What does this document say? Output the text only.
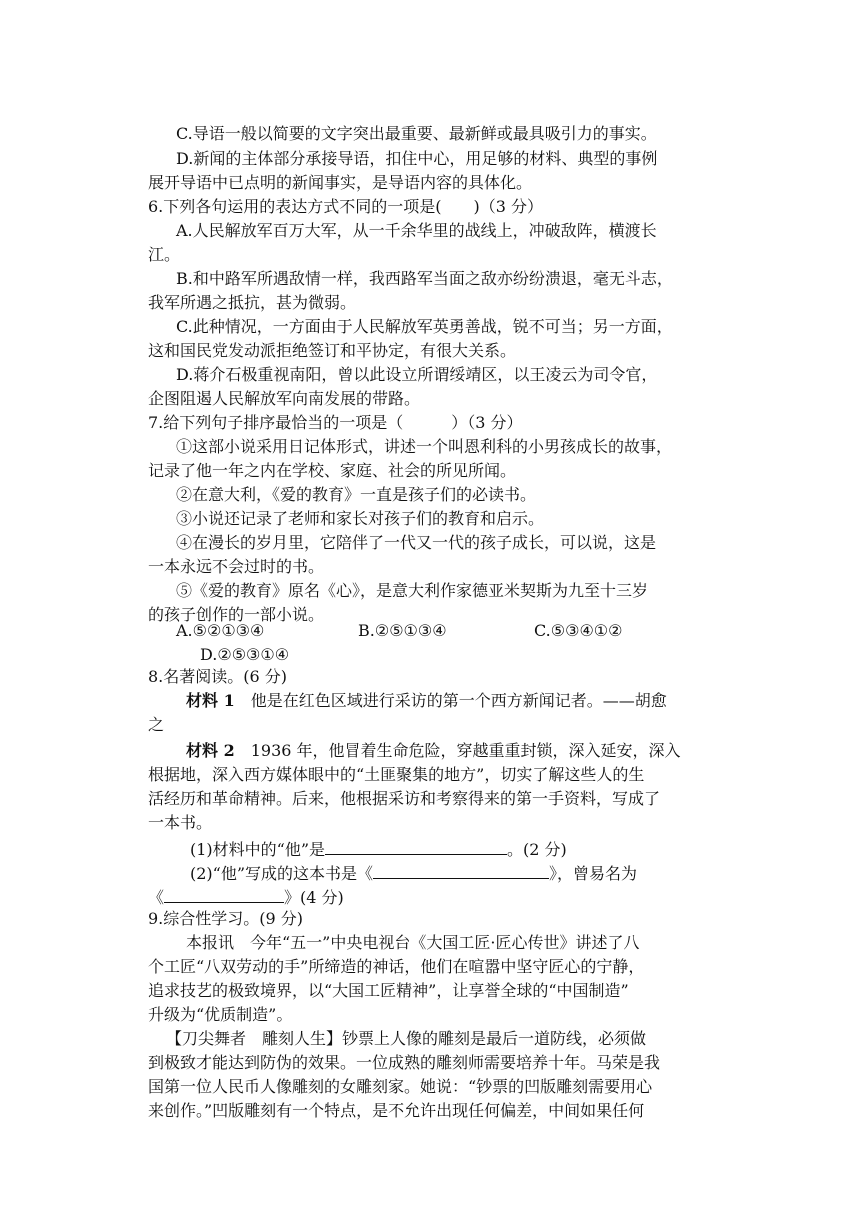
C.导语一般以简要的文字突出最重要、最新鲜或最具吸引力的事实。
D.新闻的主体部分承接导语，扣住中心，用足够的材料、典型的事例
展开导语中已点明的新闻事实，是导语内容的具体化。
6.下列各句运用的表达方式不同的一项是(　　)（3 分）
A.人民解放军百万大军，从一千余华里的战线上，冲破敌阵，横渡长
江。
B.和中路军所遇敌情一样，我西路军当面之敌亦纷纷溃退，毫无斗志，
我军所遇之抵抗，甚为微弱。
C.此种情况，一方面由于人民解放军英勇善战，锐不可当；另一方面，
这和国民党发动派拒绝签订和平协定，有很大关系。
D.蒋介石极重视南阳，曾以此设立所谓绥靖区，以王凌云为司令官，
企图阻遏人民解放军向南发展的带路。
7.给下列句子排序最恰当的一项是（　　　）（3 分）
①这部小说采用日记体形式，讲述一个叫恩利科的小男孩成长的故事，
记录了他一年之内在学校、家庭、社会的所见所闻。
②在意大利，《爱的教育》一直是孩子们的必读书。
③小说还记录了老师和家长对孩子们的教育和启示。
④在漫长的岁月里，它陪伴了一代又一代的孩子成长，可以说，这是
一本永远不会过时的书。
⑤《爱的教育》原名《心》，是意大利作家德亚米契斯为九至十三岁
的孩子创作的一部小说。
A.⑤②①③④	B.②⑤①③④	C.⑤③④①②
D.②⑤③①④
8.名著阅读。(6 分)
材料 1 他是在红色区域进行采访的第一个西方新闻记者。——胡愈
之
材料 2 1936 年，他冒着生命危险，穿越重重封锁，深入延安，深入
根据地，深入西方媒体眼中的“土匪聚集的地方”，切实了解这些人的生
活经历和革命精神。后来，他根据采访和考察得来的第一手资料，写成了
一本书。
(1)材料中的“他”是	。(2 分)
(2)“他”写成的这本书是《	》，曾易名为
《	》(4 分)
9.综合性学习。(9 分)
本报讯　今年“五一”中央电视台《大国工匠·匠心传世》讲述了八
个工匠“八双劳动的手”所缔造的神话，他们在喧嚣中坚守匠心的宁静，
追求技艺的极致境界，以“大国工匠精神”，让享誉全球的“中国制造”
升级为“优质制造”。
【刀尖舞者　雕刻人生】钞票上人像的雕刻是最后一道防线，必须做
到极致才能达到防伪的效果。一位成熟的雕刻师需要培养十年。马荣是我
国第一位人民币人像雕刻的女雕刻家。她说：“钞票的凹版雕刻需要用心
来创作。”凹版雕刻有一个特点，是不允许出现任何偏差，中间如果任何
